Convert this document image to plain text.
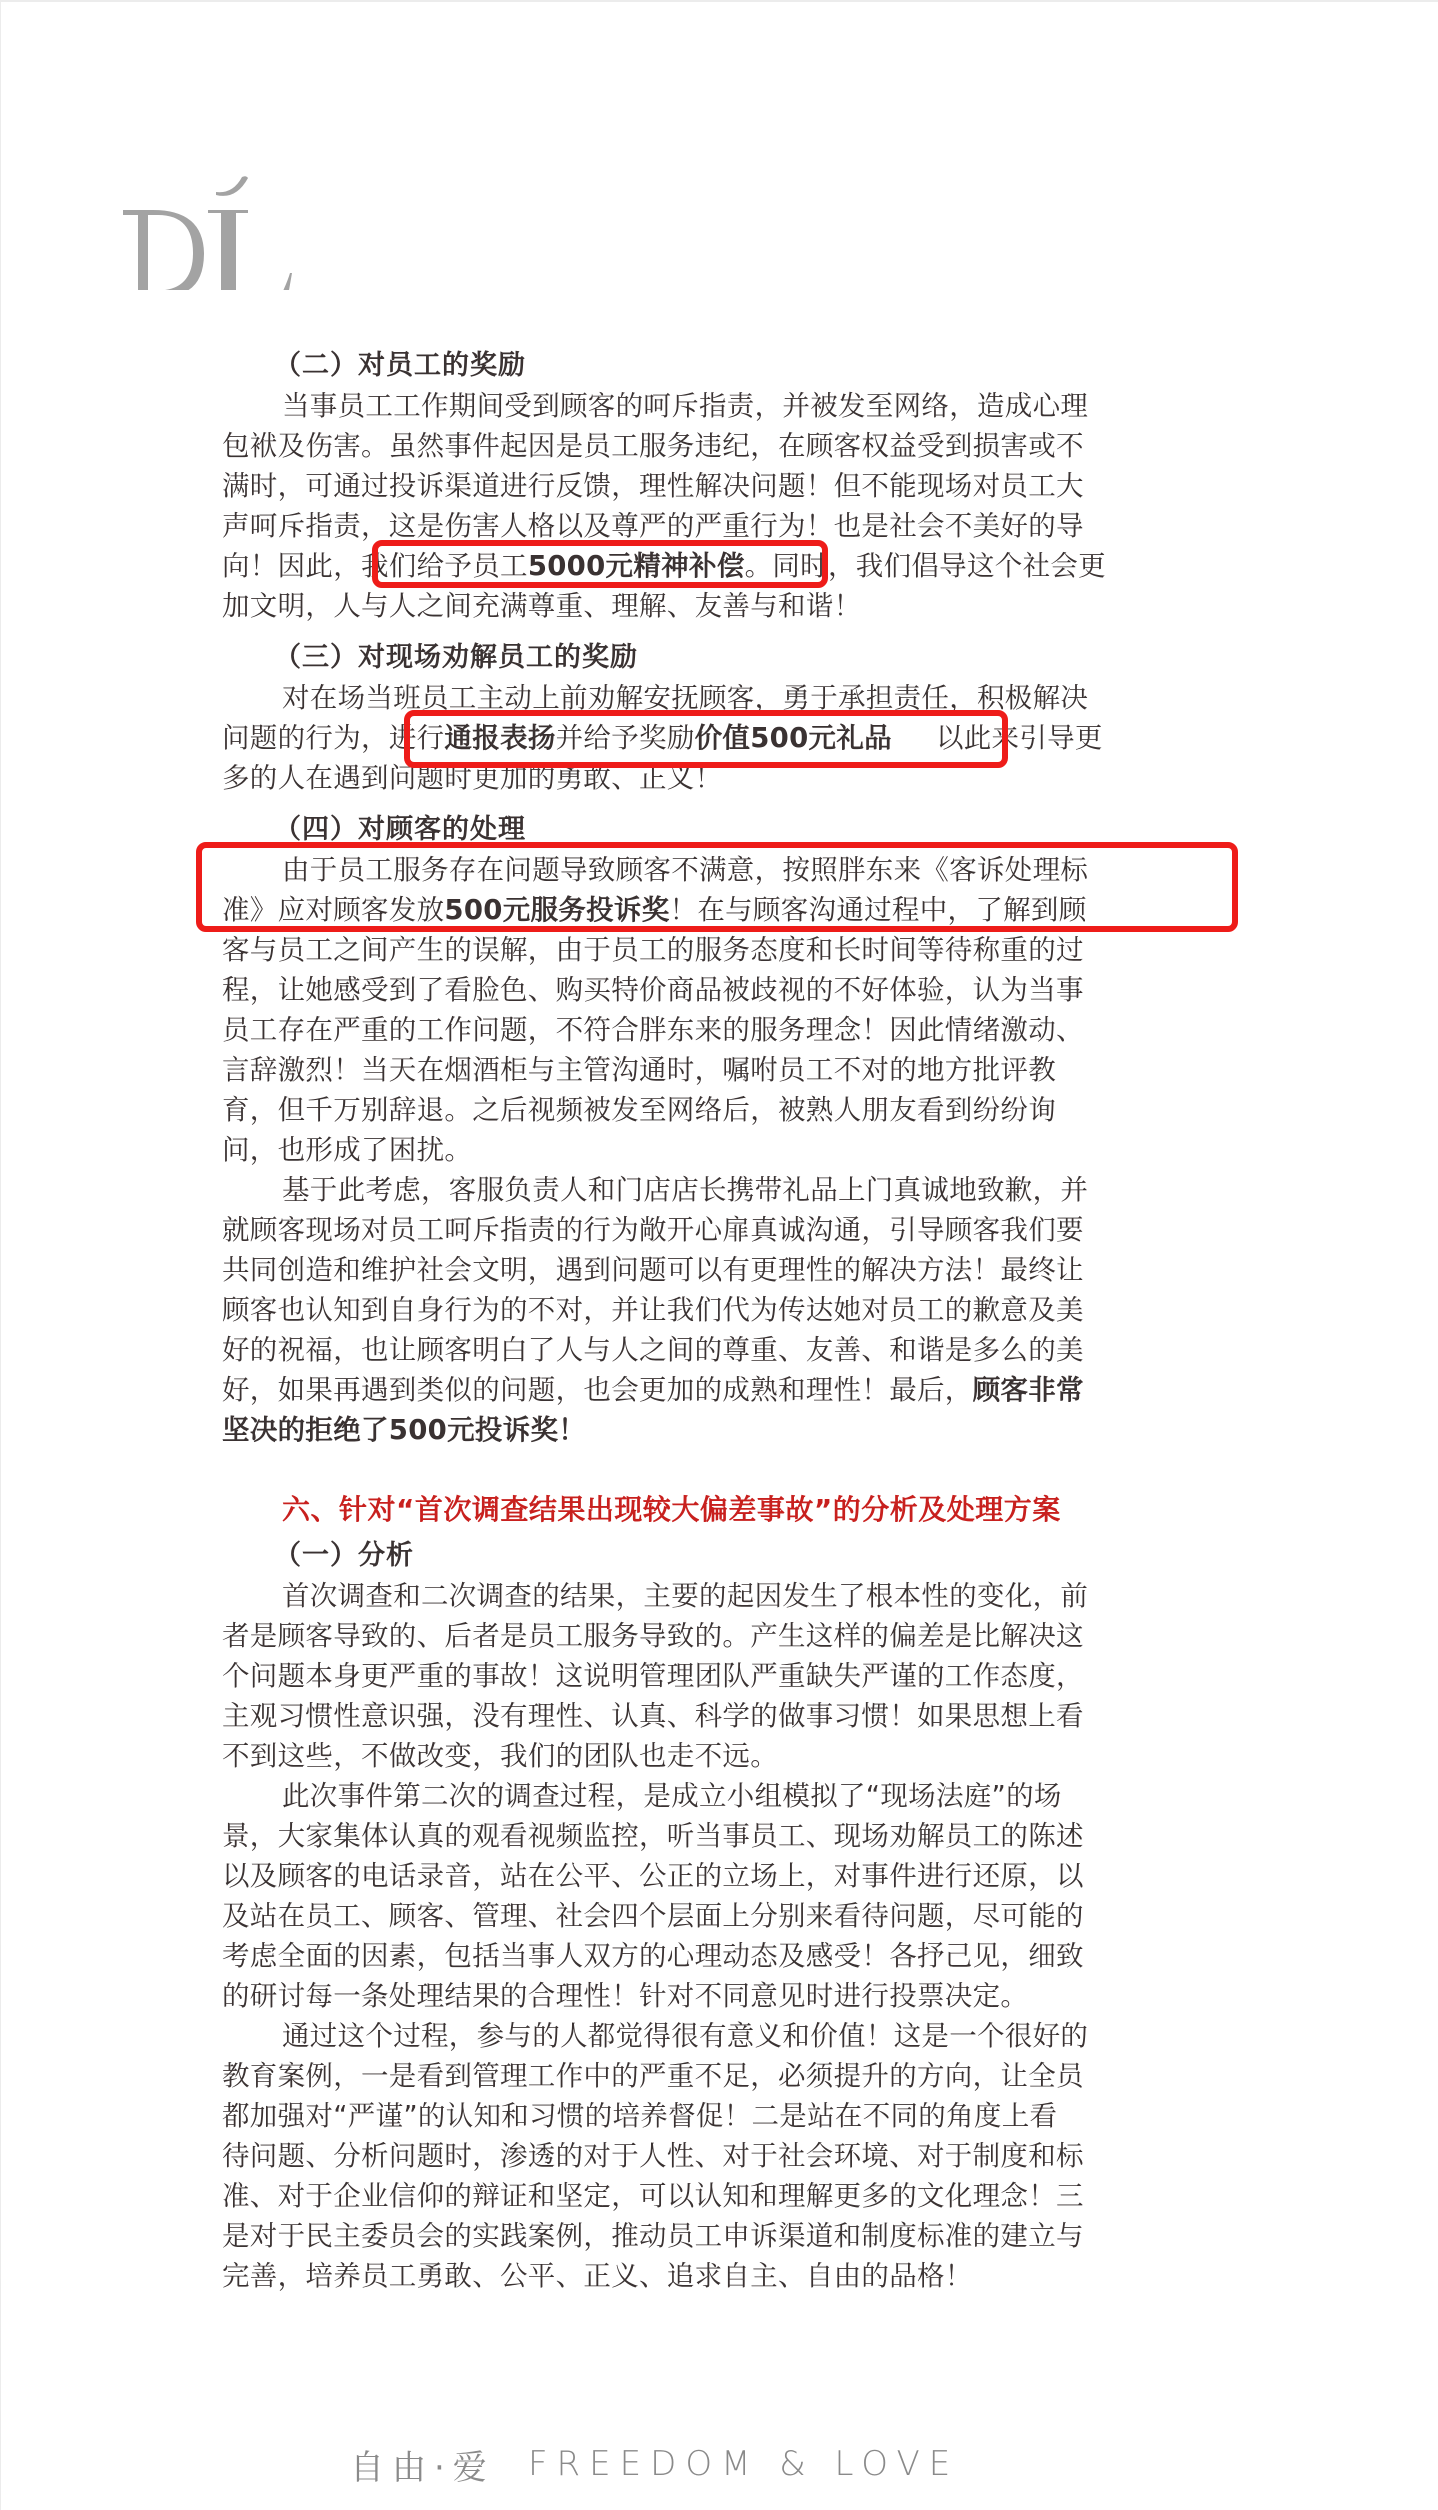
（二）对员工的奖励
当事员工工作期间受到顾客的呵斥指责，并被发至网络，造成心理
包袱及伤害。虽然事件起因是员工服务违纪，在顾客权益受到损害或不
满时，可通过投诉渠道进行反馈，理性解决问题！但不能现场对员工大
声呵斥指责，这是伤害人格以及尊严的严重行为！也是社会不美好的导
向！因此，我们给予员工5000元精神补偿。同时，我们倡导这个社会更
加文明，人与人之间充满尊重、理解、友善与和谐！
（三）对现场劝解员工的奖励
对在场当班员工主动上前劝解安抚顾客，勇于承担责任，积极解决
问题的行为，进行通报表扬并给予奖励价值500元礼品 以此来引导更
多的人在遇到问题时更加的勇敢、正义！
（四）对顾客的处理
由于员工服务存在问题导致顾客不满意，按照胖东来《客诉处理标
准》应对顾客发放500元服务投诉奖！在与顾客沟通过程中，了解到顾
客与员工之间产生的误解，由于员工的服务态度和长时间等待称重的过
程，让她感受到了看脸色、购买特价商品被歧视的不好体验，认为当事
员工存在严重的工作问题，不符合胖东来的服务理念！因此情绪激动、
言辞激烈！当天在烟酒柜与主管沟通时，嘱咐员工不对的地方批评教
育，但千万别辞退。之后视频被发至网络后，被熟人朋友看到纷纷询
问，也形成了困扰。
基于此考虑，客服负责人和门店店长携带礼品上门真诚地致歉，并
就顾客现场对员工呵斥指责的行为敞开心扉真诚沟通，引导顾客我们要
共同创造和维护社会文明，遇到问题可以有更理性的解决方法！最终让
顾客也认知到自身行为的不对，并让我们代为传达她对员工的歉意及美
好的祝福，也让顾客明白了人与人之间的尊重、友善、和谐是多么的美
好，如果再遇到类似的问题，也会更加的成熟和理性！最后，顾客非常
坚决的拒绝了500元投诉奖！
六、针对“首次调查结果出现较大偏差事故”的分析及处理方案
（一）分析
首次调查和二次调查的结果，主要的起因发生了根本性的变化，前
者是顾客导致的、后者是员工服务导致的。产生这样的偏差是比解决这
个问题本身更严重的事故！这说明管理团队严重缺失严谨的工作态度，
主观习惯性意识强，没有理性、认真、科学的做事习惯！如果思想上看
不到这些，不做改变，我们的团队也走不远。
此次事件第二次的调查过程，是成立小组模拟了“现场法庭”的场
景，大家集体认真的观看视频监控，听当事员工、现场劝解员工的陈述
以及顾客的电话录音，站在公平、公正的立场上，对事件进行还原，以
及站在员工、顾客、管理、社会四个层面上分别来看待问题，尽可能的
考虑全面的因素，包括当事人双方的心理动态及感受！各抒己见，细致
的研讨每一条处理结果的合理性！针对不同意见时进行投票决定。
通过这个过程，参与的人都觉得很有意义和价值！这是一个很好的
教育案例，一是看到管理工作中的严重不足，必须提升的方向，让全员
都加强对“严谨”的认知和习惯的培养督促！二是站在不同的角度上看
待问题、分析问题时，渗透的对于人性、对于社会环境、对于制度和标
准、对于企业信仰的辩证和坚定，可以认知和理解更多的文化理念！三
是对于民主委员会的实践案例，推动员工申诉渠道和制度标准的建立与
完善，培养员工勇敢、公平、正义、追求自主、自由的品格！
自由·爱 FREEDOM & LOVE
